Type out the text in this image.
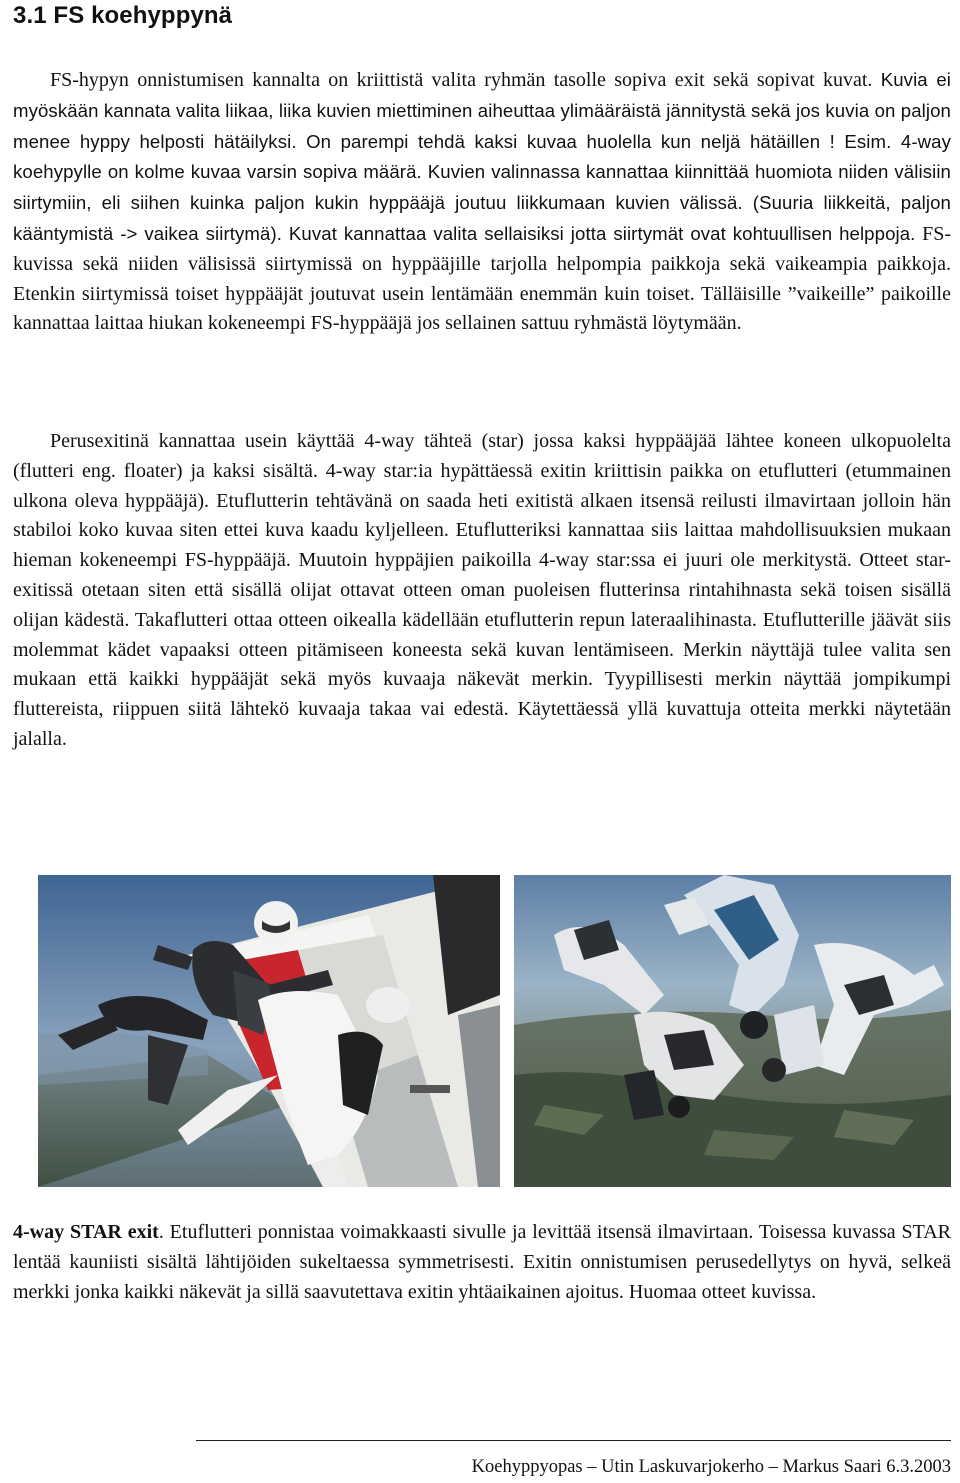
3.1 FS koehyppynä

FS-hypyn onnistumisen kannalta on kriittistä valita ryhmän tasolle sopiva exit sekä sopivat kuvat. Kuvia ei myöskään kannata valita liikaa, liika kuvien miettiminen aiheuttaa ylimääräistä jännitystä sekä jos kuvia on paljon menee hyppy helposti hätäilyksi. On parempi tehdä kaksi kuvaa huolella kun neljä hätäillen ! Esim. 4-way koehypylle on kolme kuvaa varsin sopiva määrä. Kuvien valinnassa kannattaa kiinnittää huomiota niiden välisiin siirtymiin, eli siihen kuinka paljon kukin hyppääjä joutuu liikkumaan kuvien välissä. (Suuria liikkeitä, paljon kääntymistä -> vaikea siirtymä). Kuvat kannattaa valita sellaisiksi jotta siirtymät ovat kohtuullisen helppoja. FS-kuvissa sekä niiden välisissä siirtymissä on hyppääjille tarjolla helpompia paikkoja sekä vaikeampia paikkoja. Etenkin siirtymissä toiset hyppääjät joutuvat usein lentämään enemmän kuin toiset. Tälläisille ”vaikeille” paikoille kannattaa laittaa hiukan kokeneempi FS-hyppääjä jos sellainen sattuu ryhmästä löytymään.

Perusexitinä kannattaa usein käyttää 4-way tähteä (star) jossa kaksi hyppääjää lähtee koneen ulkopuolelta (flutteri eng. floater) ja kaksi sisältä. 4-way star:ia hypättäessä exitin kriittisin paikka on etuflutteri (etummainen ulkona oleva hyppääjä). Etuflutterin tehtävänä on saada heti exitistä alkaen itsensä reilusti ilmavirtaan jolloin hän stabiloi koko kuvaa siten ettei kuva kaadu kyljelleen. Etuflutteriksi kannattaa siis laittaa mahdollisuuksien mukaan hieman kokeneempi FS-hyppääjä. Muutoin hyppäjien paikoilla 4-way star:ssa ei juuri ole merkitystä. Otteet star-exitissä otetaan siten että sisällä olijat ottavat otteen oman puoleisen flutterinsa rintahihnasta sekä toisen sisällä olijan kädestä. Takaflutteri ottaa otteen oikealla kädellään etuflutterin repun lateraalihinasta. Etuflutterille jäävät siis molemmat kädet vapaaksi otteen pitämiseen koneesta sekä kuvan lentämiseen. Merkin näyttäjä tulee valita sen mukaan että kaikki hyppääjät sekä myös kuvaaja näkevät merkin. Tyypillisesti merkin näyttää jompikumpi fluttereista, riippuen siitä lähtekö kuvaaja takaa vai edestä. Käytettäessä yllä kuvattuja otteita merkki näytetään jalalla.

4-way STAR exit. Etuflutteri ponnistaa voimakkaasti sivulle ja levittää itsensä ilmavirtaan. Toisessa kuvassa STAR lentää kauniisti sisältä lähtijöiden sukeltaessa symmetrisesti. Exitin onnistumisen perusedellytys on hyvä, selkeä merkki jonka kaikki näkevät ja sillä saavutettava exitin yhtäaikainen ajoitus. Huomaa otteet kuvissa.

Koehyppyopas – Utin Laskuvarjokerho – Markus Saari 6.3.2003
